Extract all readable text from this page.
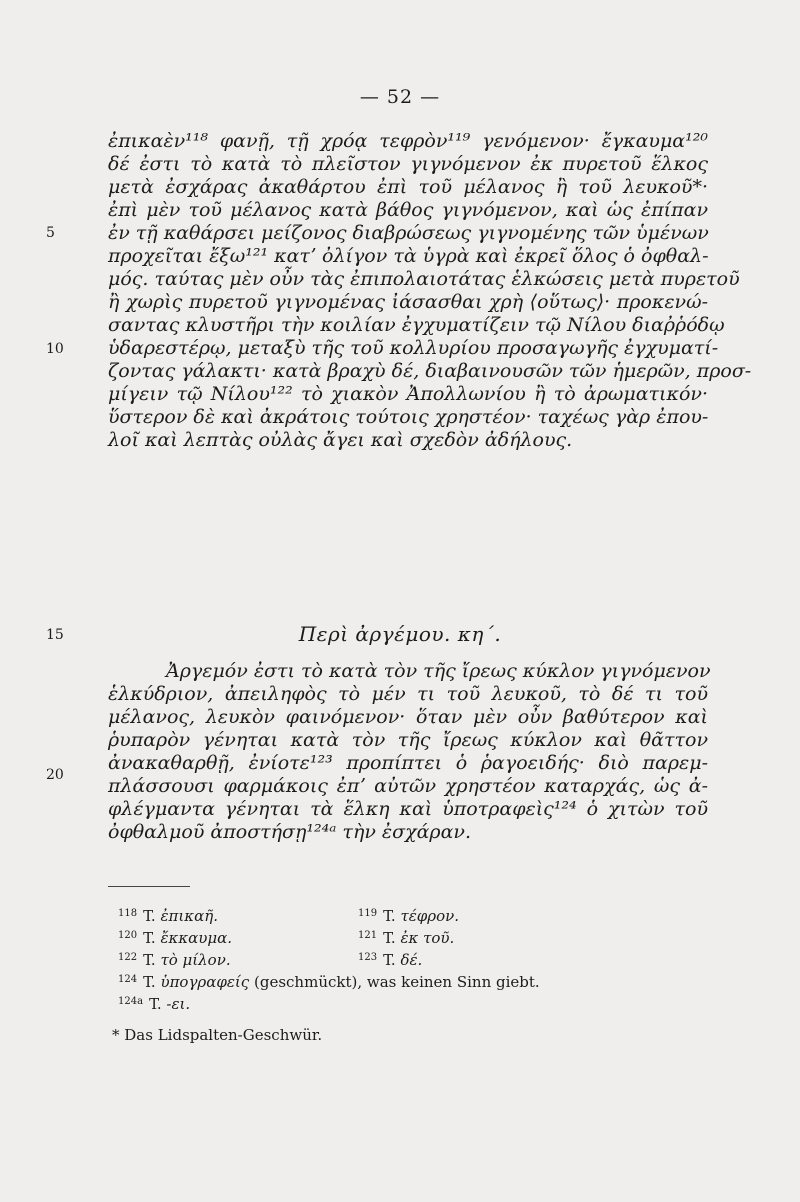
— 52 —
ἐπικαὲν¹¹⁸ φανῇ, τῇ χρόᾳ τεφρὸν¹¹⁹ γενόμενον· ἔγκαυμα¹²⁰
δέ ἐστι τὸ κατὰ τὸ πλεῖστον γιγνόμενον ἐκ πυρετοῦ ἕλκος
μετὰ ἐσχάρας ἀκαθάρτου ἐπὶ τοῦ μέλανος ἢ τοῦ λευκοῦ*·
ἐπὶ μὲν τοῦ μέλανος κατὰ βάθος γιγνόμενον, καὶ ὡς ἐπίπαν
ἐν τῇ καθάρσει μείζονος διαβρώσεως γιγνομένης τῶν ὑμένων
προχεῖται ἔξω¹²¹ κατʼ ὀλίγον τὰ ὑγρὰ καὶ ἐκρεῖ ὅλος ὁ ὀφθαλ-
μός. ταύτας μὲν οὖν τὰς ἐπιπολαιοτάτας ἑλκώσεις μετὰ πυρετοῦ
ἢ χωρὶς πυρετοῦ γιγνομένας ἰάσασθαι χρὴ ⟨οὕτως⟩· προκενώ-
σαντας κλυστῆρι τὴν κοιλίαν ἐγχυματίζειν τῷ Νίλου διαῤῥόδῳ
ὑδαρεστέρῳ, μεταξὺ τῆς τοῦ κολλυρίου προσαγωγῆς ἐγχυματί-
ζοντας γάλακτι· κατὰ βραχὺ δέ, διαβαινουσῶν τῶν ἡμερῶν, προσ-
μίγειν τῷ Νίλου¹²² τὸ χιακὸν Ἀπολλωνίου ἢ τὸ ἀρωματικόν·
ὕστερον δὲ καὶ ἀκράτοις τούτοις χρηστέον· ταχέως γὰρ ἐπου-
λοῖ καὶ λεπτὰς οὐλὰς ἄγει καὶ σχεδὸν ἀδήλους.
5
10
15
20
Περὶ ἀργέμου. κη΄.
Ἀργεμόν ἐστι τὸ κατὰ τὸν τῆς ἴρεως κύκλον γιγνόμενον
ἑλκύδριον, ἀπειληφὸς τὸ μέν τι τοῦ λευκοῦ, τὸ δέ τι τοῦ
μέλανος, λευκὸν φαινόμενον· ὅταν μὲν οὖν βαθύτερον καὶ
ῥυπαρὸν γένηται κατὰ τὸν τῆς ἴρεως κύκλον καὶ θᾶττον
ἀνακαθαρθῇ, ἐνίοτε¹²³ προπίπτει ὁ ῥαγοειδής· διὸ παρεμ-
πλάσσουσι φαρμάκοις ἐπʼ αὐτῶν χρηστέον καταρχάς, ὡς ἀ-
φλέγμαντα γένηται τὰ ἕλκη καὶ ὑποτραφεὶς¹²⁴ ὁ χιτὼν τοῦ
ὀφθαλμοῦ ἀποστήσῃ¹²⁴ᵃ τὴν ἐσχάραν.
$^{118}$ T. ἐπικαῆ.	$^{119}$ T. τέφρον.
$^{120}$ T. ἔκκαυμα.	$^{121}$ T. ἐκ τοῦ.
$^{122}$ T. τὸ μίλον.	$^{123}$ T. δέ.
$^{124}$ T. ὑπογραφείς (geschmückt), was keinen Sinn giebt.
$^{124a}$ T. -ει.
* Das Lidspalten-Geschwür.
